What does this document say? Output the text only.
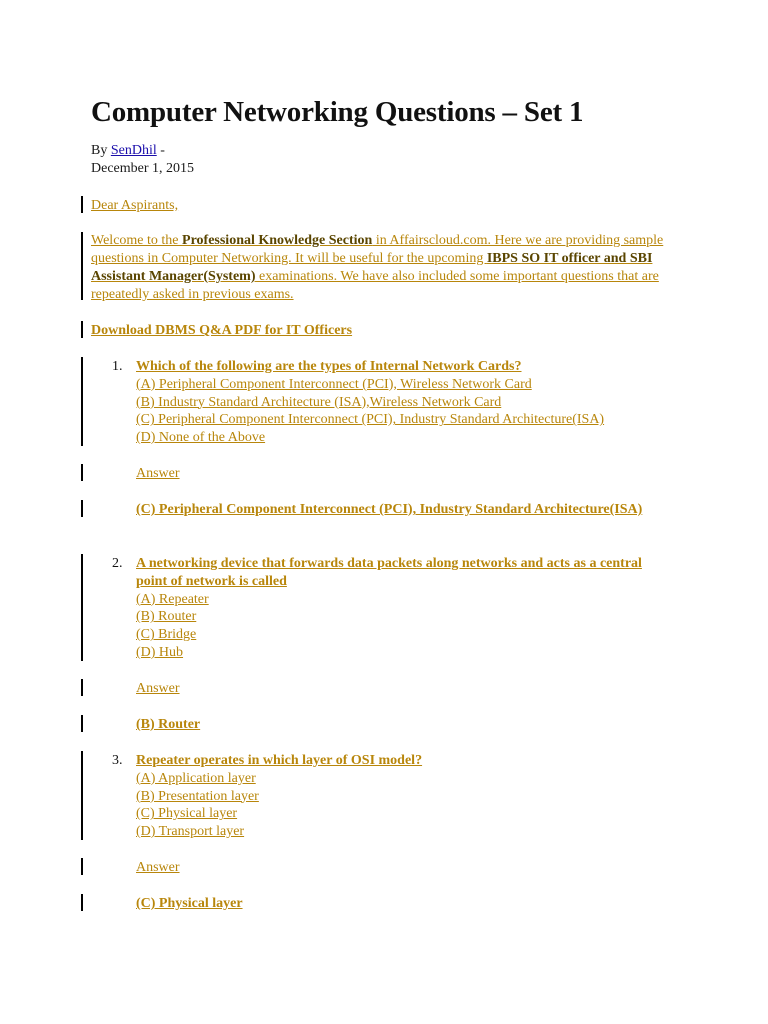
Computer Networking Questions – Set 1
By SenDhil -
December 1, 2015
Dear Aspirants,
Welcome to the Professional Knowledge Section in Affairscloud.com. Here we are providing sample questions in Computer Networking. It will be useful for the upcoming IBPS SO IT officer and SBI Assistant Manager(System) examinations. We have also included some important questions that are repeatedly asked in previous exams.
Download DBMS Q&A PDF for IT Officers
1. Which of the following are the types of Internal Network Cards?
(A) Peripheral Component Interconnect (PCI), Wireless Network Card
(B) Industry Standard Architecture (ISA),Wireless Network Card
(C) Peripheral Component Interconnect (PCI), Industry Standard Architecture(ISA)
(D) None of the Above
Answer
(C) Peripheral Component Interconnect (PCI), Industry Standard Architecture(ISA)
2. A networking device that forwards data packets along networks and acts as a central point of network is called
(A) Repeater
(B) Router
(C) Bridge
(D) Hub
Answer
(B) Router
3. Repeater operates in which layer of OSI model?
(A) Application layer
(B) Presentation layer
(C) Physical layer
(D) Transport layer
Answer
(C) Physical layer
